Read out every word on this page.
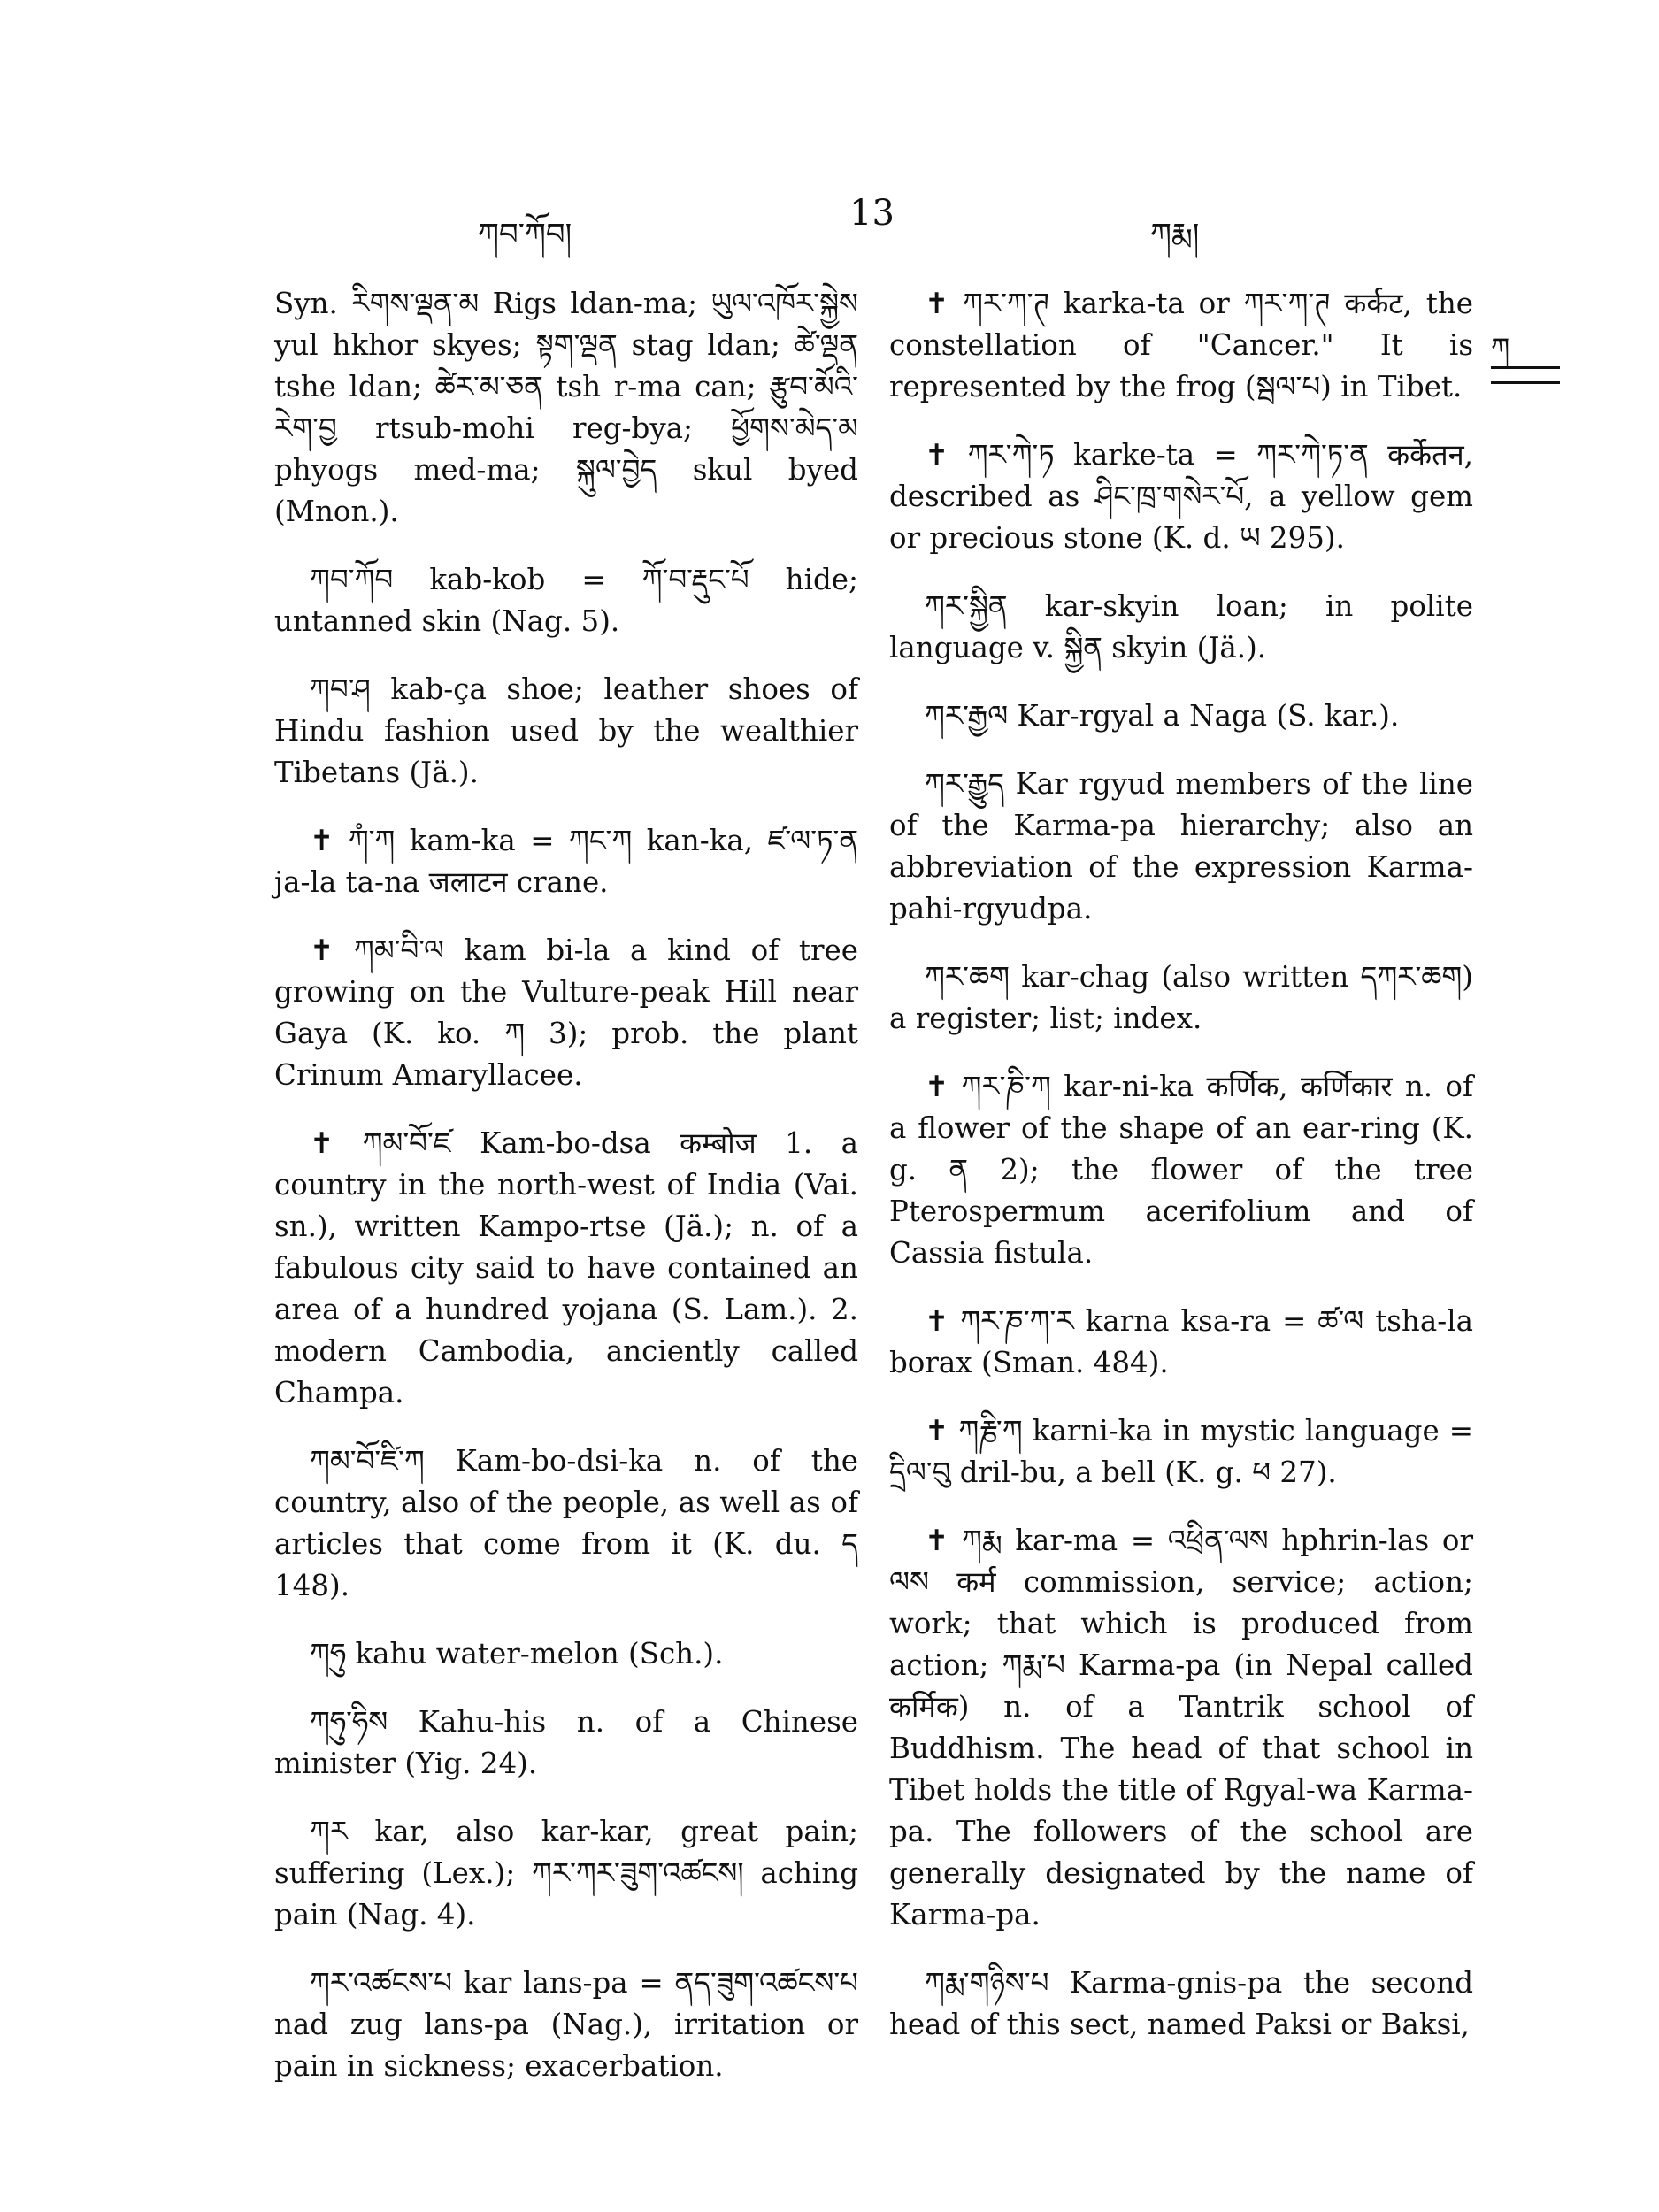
ཀབ་ཀོབ།
13
ཀརྨ།
ཀ

Syn. རིགས་ལྡན་མ Rigs ldan-ma; ཡུལ་འཁོར་སྐྱེས yul hkhor skyes; སྟག་ལྡན stag ldan; ཚེ་ལྡན tshe ldan; ཚེར་མ་ཅན tsh r-ma can; རྩུབ་མོའི་རེག་བྱ rtsub-mohi reg-bya; ཕྱོགས་མེད་མ phyogs med-ma; སྐུལ་བྱེད skul byed (Mnon.).

ཀབ་ཀོབ kab-kob = ཀོ་བ་རྡུང་པོ hide; untanned skin (Nag. 5).

ཀབ་ཤ kab-ça shoe; leather shoes of Hindu fashion used by the wealthier Tibetans (Jä.).

✝ ཀཾ་ཀ kam-ka = ཀང་ཀ kan-ka, ཛ་ལ་ཏ་ན ja-la ta-na जलाटन crane.

✝ ཀམ་བི་ལ kam bi-la a kind of tree growing on the Vulture-peak Hill near Gaya (K. ko. ཀ 3); prob. the plant Crinum Amaryllacee.

✝ ཀམ་བོ་ཛ Kam-bo-dsa कम्बोज 1. a country in the north-west of India (Vai. sn.), written Kampo-rtse (Jä.); n. of a fabulous city said to have contained an area of a hundred yojana (S. Lam.). 2. modern Cambodia, anciently called Champa.

ཀམ་བོ་ཛི་ཀ Kam-bo-dsi-ka n. of the country, also of the people, as well as of articles that come from it (K. du. ད 148).

ཀཧུ kahu water-melon (Sch.).

ཀཧུ་ཧིས Kahu-his n. of a Chinese minister (Yig. 24).

ཀར kar, also kar-kar, great pain; suffering (Lex.); ཀར་ཀར་ཟུག་འཚངས། aching pain (Nag. 4).

ཀར་འཚངས་པ kar lans-pa = ནད་ཟུག་འཚངས་པ nad zug lans-pa (Nag.), irritation or pain in sickness; exacerbation.

✝ ཀར་ཀ་ཊ karka-ta or ཀར་ཀ་ཊ कर्कट, the constellation of "Cancer." It is represented by the frog (སྦལ་པ) in Tibet.

✝ ཀར་ཀེ་ཏ karke-ta = ཀར་ཀེ་ཏ་ན कर्केतन, described as ཤིང་ཁྲ་གསེར་པོ, a yellow gem or precious stone (K. d. ཡ 295).

ཀར་སྐྱིན kar-skyin loan; in polite language v. སྐྱིན skyin (Jä.).

ཀར་རྒྱལ Kar-rgyal a Naga (S. kar.).

ཀར་རྒྱུད Kar rgyud members of the line of the Karma-pa hierarchy; also an abbreviation of the expression Karma-pahi-rgyudpa.

ཀར་ཆག kar-chag (also written དཀར་ཆག) a register; list; index.

✝ ཀར་ཎི་ཀ kar-ni-ka कर्णिक, कर्णिकार n. of a flower of the shape of an ear-ring (K. g. ན 2); the flower of the tree Pterospermum acerifolium and of Cassia fistula.

✝ ཀར་ཎ་ཀ་ར karna ksa-ra = ཚ་ལ tsha-la borax (Sman. 484).

✝ ཀརྞི་ཀ karni-ka in mystic language = དྲིལ་བུ dril-bu, a bell (K. g. ཕ 27).

✝ ཀརྨ kar-ma = འཕྲིན་ལས hphrin-las or ལས कर्म commission, service; action; work; that which is produced from action; ཀརྨ་པ Karma-pa (in Nepal called कर्मिक) n. of a Tantrik school of Buddhism. The head of that school in Tibet holds the title of Rgyal-wa Karma-pa. The followers of the school are generally designated by the name of Karma-pa.

ཀརྨ་གཉིས་པ Karma-gnis-pa the second head of this sect, named Paksi or Baksi,
